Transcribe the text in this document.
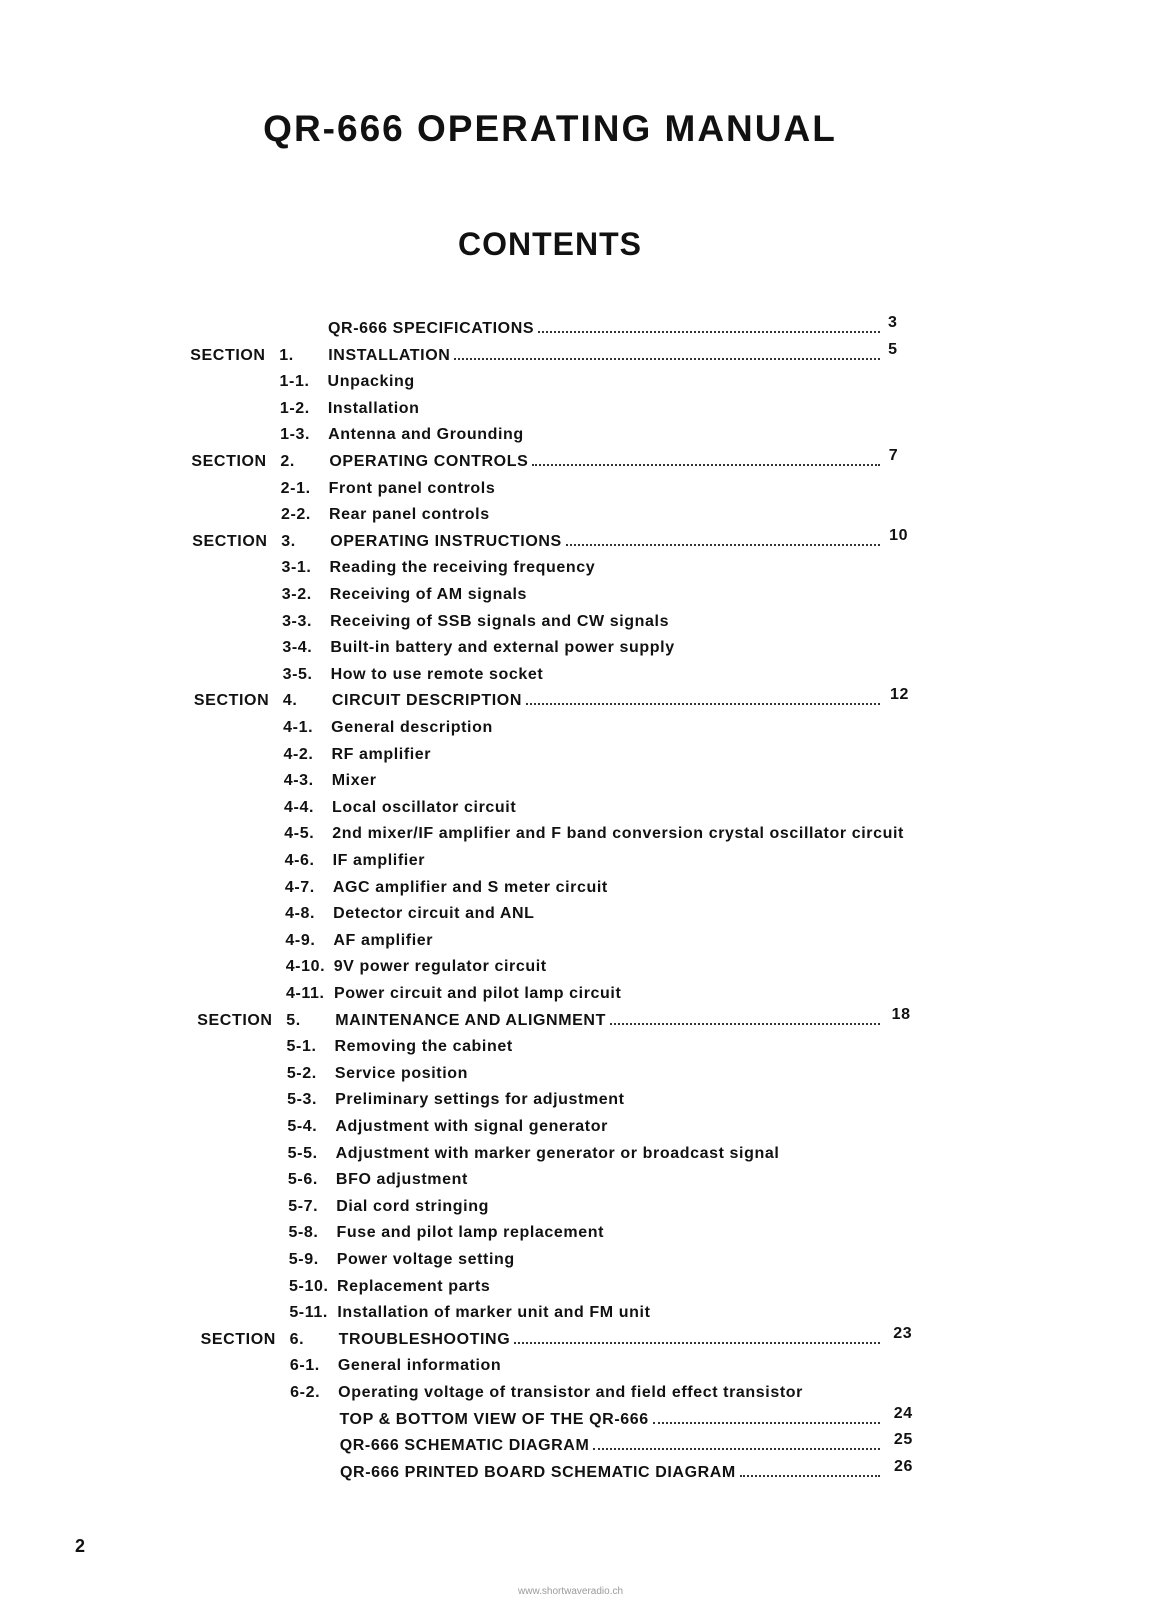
QR-666 OPERATING MANUAL
CONTENTS
QR-666 SPECIFICATIONS	3
SECTION 1.	INSTALLATION	5
1-1.	Unpacking
1-2.	Installation
1-3.	Antenna and Grounding
SECTION 2.	OPERATING CONTROLS	7
2-1.	Front panel controls
2-2.	Rear panel controls
SECTION 3.	OPERATING INSTRUCTIONS	10
3-1.	Reading the receiving frequency
3-2.	Receiving of AM signals
3-3.	Receiving of SSB signals and CW signals
3-4.	Built-in battery and external power supply
3-5.	How to use remote socket
SECTION 4.	CIRCUIT DESCRIPTION	12
4-1.	General description
4-2.	RF amplifier
4-3.	Mixer
4-4.	Local oscillator circuit
4-5.	2nd mixer/IF amplifier and F band conversion crystal oscillator circuit
4-6.	IF amplifier
4-7.	AGC amplifier and S meter circuit
4-8.	Detector circuit and ANL
4-9.	AF amplifier
4-10. 9V power regulator circuit
4-11. Power circuit and pilot lamp circuit
SECTION 5.	MAINTENANCE AND ALIGNMENT	18
5-1.	Removing the cabinet
5-2.	Service position
5-3.	Preliminary settings for adjustment
5-4.	Adjustment with signal generator
5-5.	Adjustment with marker generator or broadcast signal
5-6.	BFO adjustment
5-7.	Dial cord stringing
5-8.	Fuse and pilot lamp replacement
5-9.	Power voltage setting
5-10. Replacement parts
5-11. Installation of marker unit and FM unit
SECTION 6.	TROUBLESHOOTING	23
6-1.	General information
6-2.	Operating voltage of transistor and field effect transistor
TOP & BOTTOM VIEW OF THE QR-666	24
QR-666 SCHEMATIC DIAGRAM	25
QR-666 PRINTED BOARD SCHEMATIC DIAGRAM	26
2
www.shortwaveradio.ch
